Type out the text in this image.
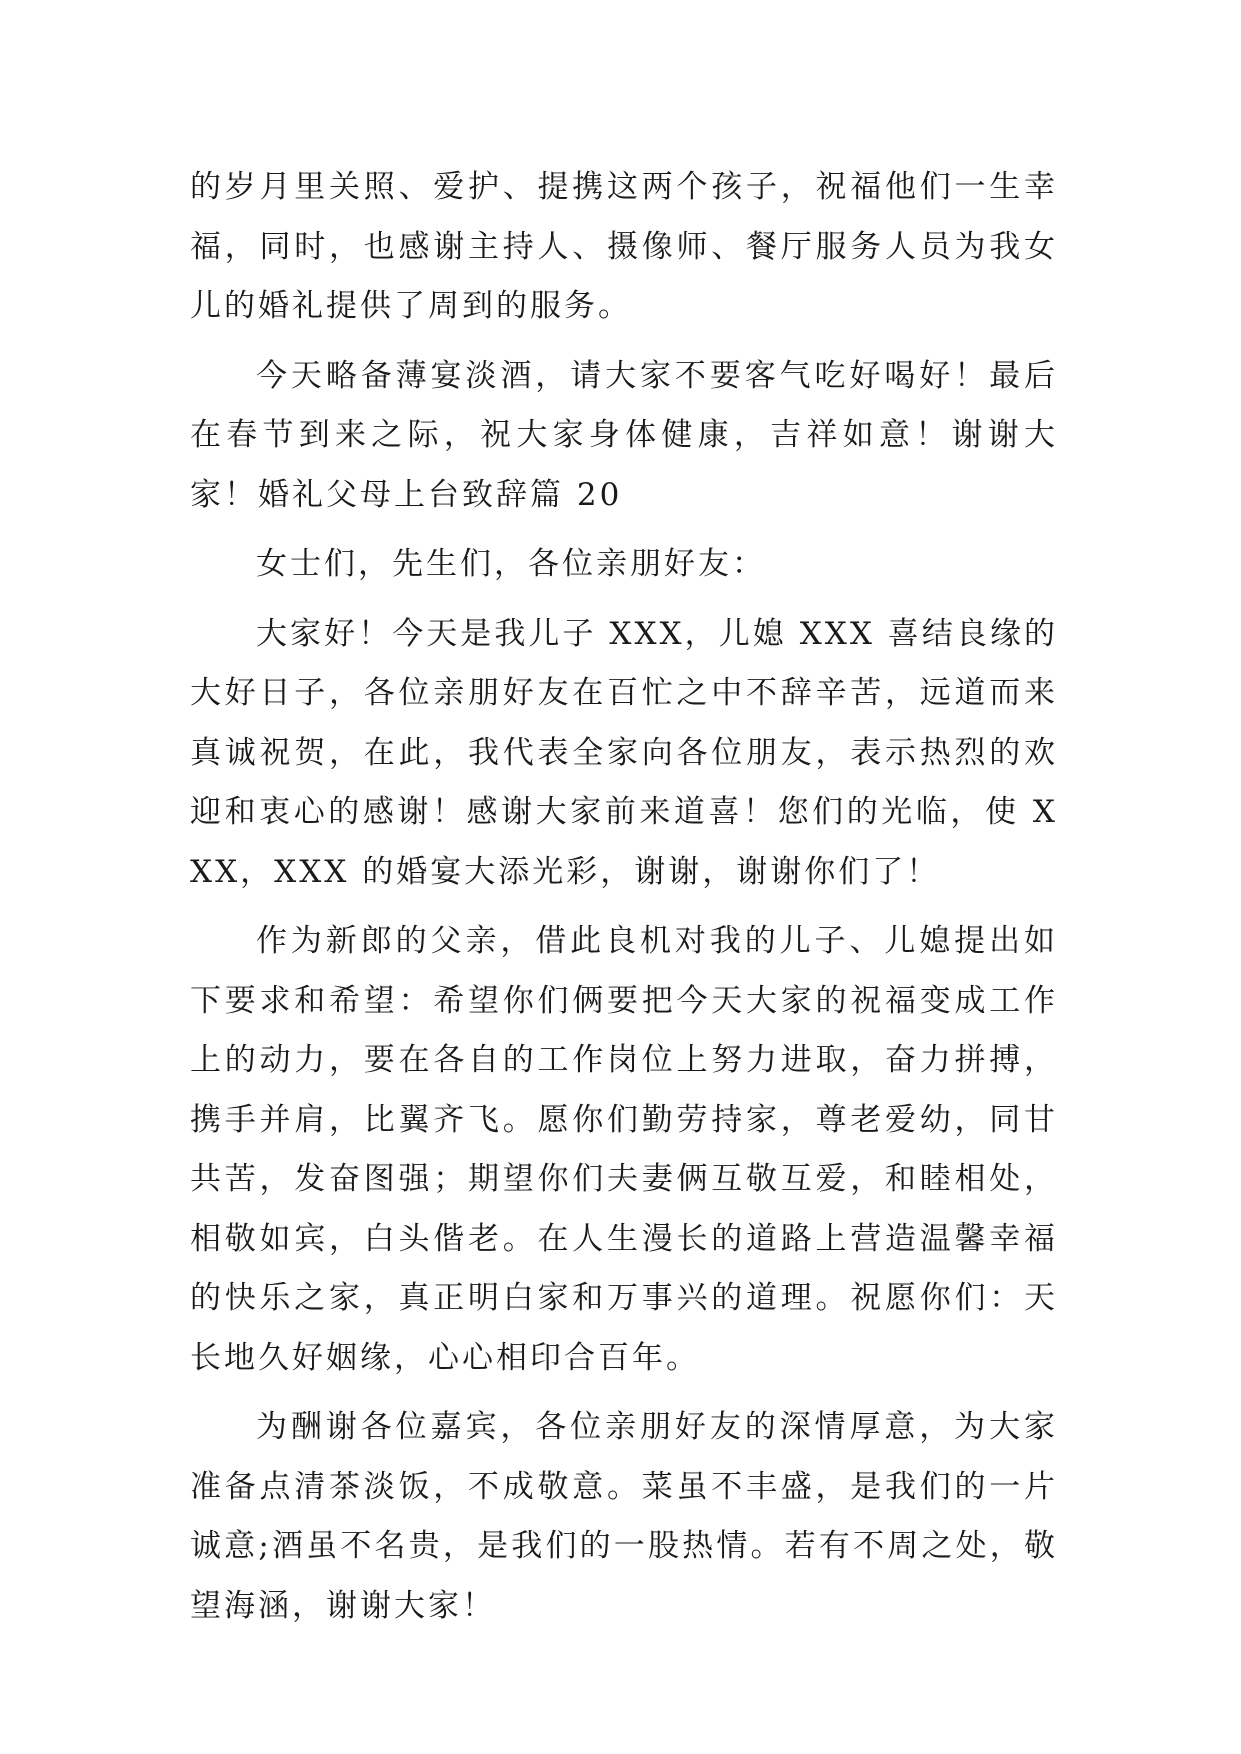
的岁月里关照、爱护、提携这两个孩子，祝福他们一生幸福，同时，也感谢主持人、摄像师、餐厅服务人员为我女儿的婚礼提供了周到的服务。

今天略备薄宴淡酒，请大家不要客气吃好喝好！最后在春节到来之际，祝大家身体健康，吉祥如意！谢谢大家！婚礼父母上台致辞篇 20

女士们，先生们，各位亲朋好友：

大家好！今天是我儿子 XXX，儿媳 XXX 喜结良缘的大好日子，各位亲朋好友在百忙之中不辞辛苦，远道而来真诚祝贺，在此，我代表全家向各位朋友，表示热烈的欢迎和衷心的感谢！感谢大家前来道喜！您们的光临，使 XXX，XXX 的婚宴大添光彩，谢谢，谢谢你们了！

作为新郎的父亲，借此良机对我的儿子、儿媳提出如下要求和希望：希望你们俩要把今天大家的祝福变成工作上的动力，要在各自的工作岗位上努力进取，奋力拼搏，携手并肩，比翼齐飞。愿你们勤劳持家，尊老爱幼，同甘共苦，发奋图强；期望你们夫妻俩互敬互爱，和睦相处，相敬如宾，白头偕老。在人生漫长的道路上营造温馨幸福的快乐之家，真正明白家和万事兴的道理。祝愿你们：天长地久好姻缘，心心相印合百年。

为酬谢各位嘉宾，各位亲朋好友的深情厚意，为大家准备点清茶淡饭，不成敬意。菜虽不丰盛，是我们的一片诚意;酒虽不名贵，是我们的一股热情。若有不周之处，敬望海涵，谢谢大家！
